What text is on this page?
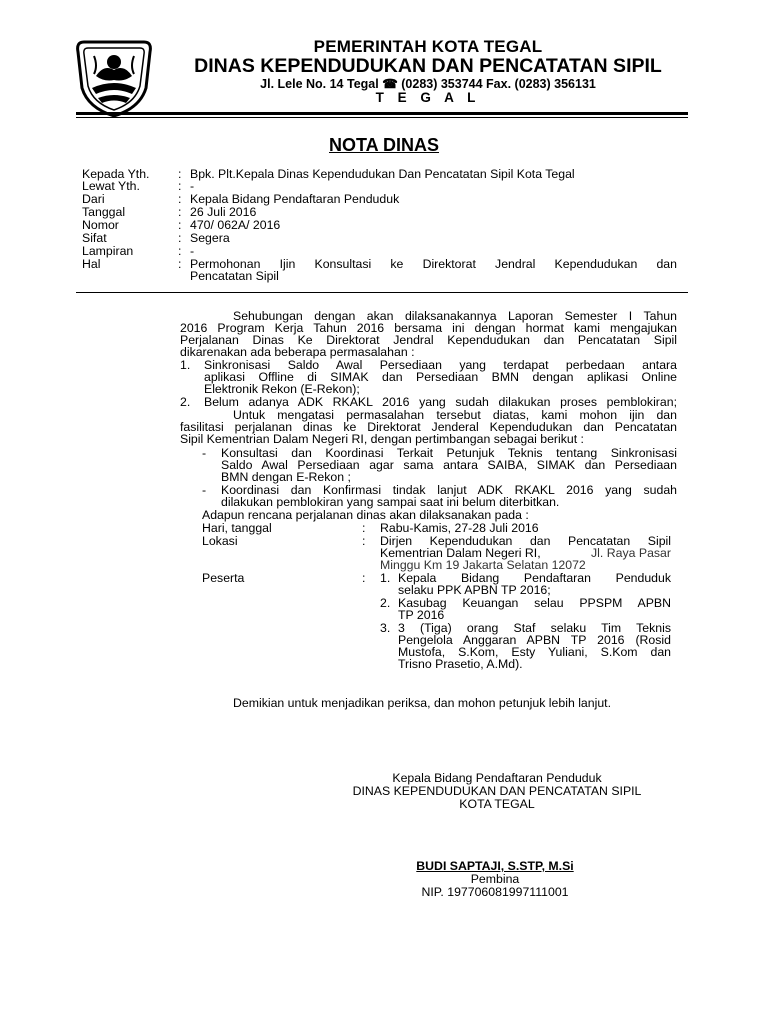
PEMERINTAH KOTA TEGAL
DINAS KEPENDUDUKAN DAN PENCATATAN SIPIL
Jl. Lele No. 14 Tegal ☎ (0283) 353744 Fax. (0283) 356131
T E G A L
NOTA DINAS
Kepada Yth. : Bpk. Plt.Kepala Dinas Kependudukan Dan Pencatatan Sipil Kota Tegal
Lewat Yth.	: -
Dari	: Kepala Bidang Pendaftaran Penduduk
Tanggal	: 26 Juli 2016
Nomor	: 470/ 062A/ 2016
Sifat	: Segera
Lampiran	: -
Hal	: Permohonan Ijin Konsultasi ke Direktorat Jendral Kependudukan dan
Pencatatan Sipil
Sehubungan dengan akan dilaksanakannya Laporan Semester I Tahun
2016 Program Kerja Tahun 2016 bersama ini dengan hormat kami mengajukan
Perjalanan Dinas Ke Direktorat Jendral Kependudukan dan Pencatatan Sipil
dikarenakan ada beberapa permasalahan :
1. Sinkronisasi Saldo Awal Persediaan yang terdapat perbedaan antara
aplikasi Offline di SIMAK dan Persediaan BMN dengan aplikasi Online
Elektronik Rekon (E-Rekon);
2. Belum adanya ADK RKAKL 2016 yang sudah dilakukan proses pemblokiran;
Untuk mengatasi permasalahan tersebut diatas, kami mohon ijin dan
fasilitasi perjalanan dinas ke Direktorat Jenderal Kependudukan dan Pencatatan
Sipil Kementrian Dalam Negeri RI, dengan pertimbangan sebagai berikut :
- Konsultasi dan Koordinasi Terkait Petunjuk Teknis tentang Sinkronisasi
Saldo Awal Persediaan agar sama antara SAIBA, SIMAK dan Persediaan
BMN dengan E-Rekon ;
- Koordinasi dan Konfirmasi tindak lanjut ADK RKAKL 2016 yang sudah
dilakukan pemblokiran yang sampai saat ini belum diterbitkan.
Adapun rencana perjalanan dinas akan dilaksanakan pada :
Hari, tanggal	: Rabu-Kamis, 27-28 Juli 2016
Lokasi	: Dirjen Kependudukan dan Pencatatan Sipil
Kementrian Dalam Negeri RI,	Jl. Raya Pasar
Minggu Km 19 Jakarta Selatan 12072
Peserta	: 1. Kepala Bidang Pendaftaran Penduduk
selaku PPK APBN TP 2016;
2. Kasubag Keuangan selau PPSPM APBN
TP 2016
3. 3 (Tiga) orang Staf selaku Tim Teknis
Pengelola Anggaran APBN TP 2016 (Rosid
Mustofa, S.Kom, Esty Yuliani, S.Kom dan
Trisno Prasetio, A.Md).
Demikian untuk menjadikan periksa, dan mohon petunjuk lebih lanjut.
Kepala Bidang Pendaftaran Penduduk
DINAS KEPENDUDUKAN DAN PENCATATAN SIPIL
KOTA TEGAL
BUDI SAPTAJI, S.STP, M.Si
Pembina
NIP. 197706081997111001
